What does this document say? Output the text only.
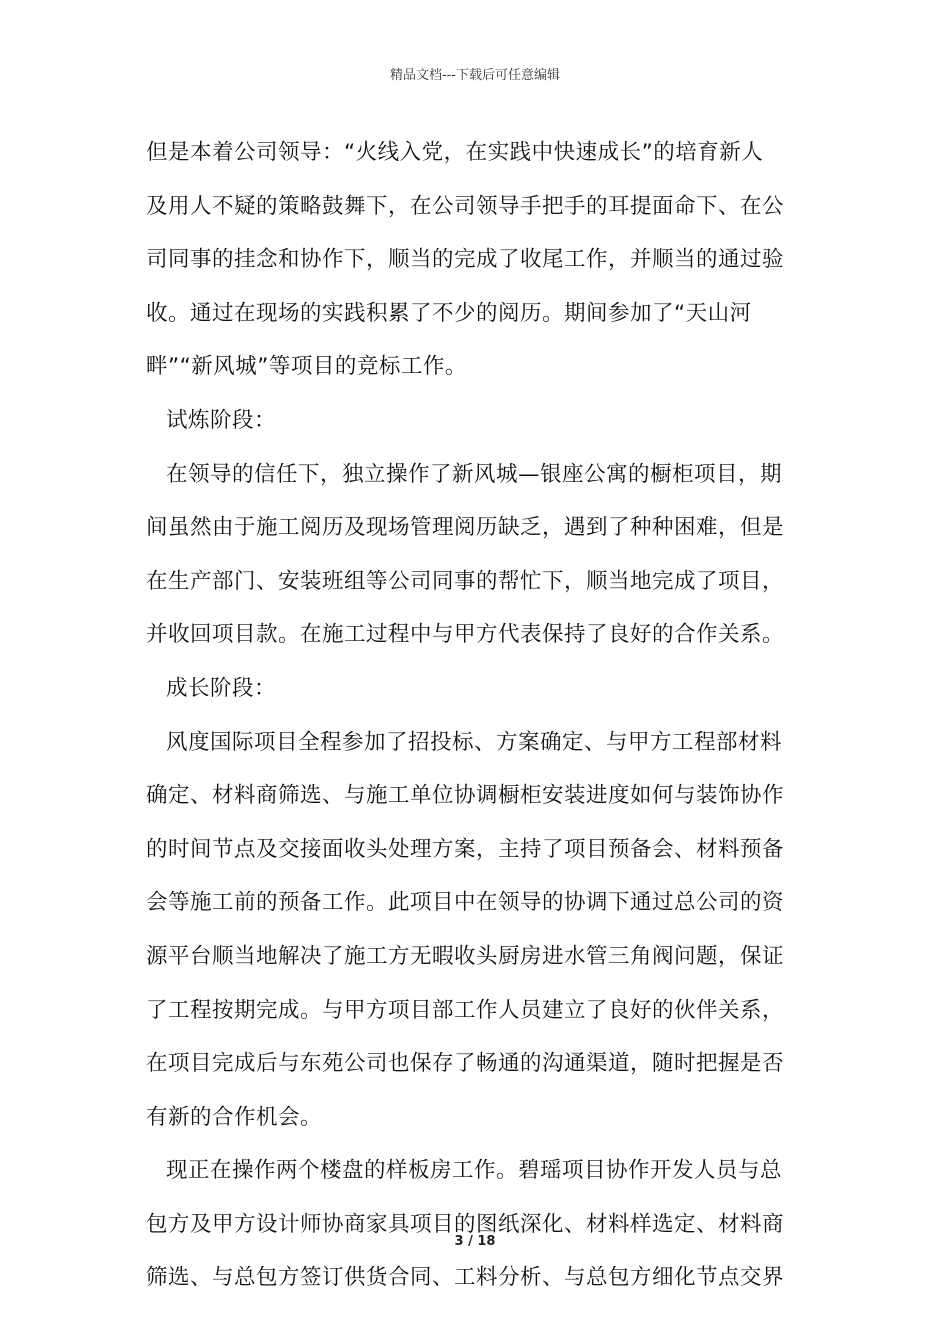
精品文档---下载后可任意编辑
但是本着公司领导：“火线入党，在实践中快速成长”的培育新人
及用人不疑的策略鼓舞下，在公司领导手把手的耳提面命下、在公
司同事的挂念和协作下，顺当的完成了收尾工作，并顺当的通过验
收。通过在现场的实践积累了不少的阅历。期间参加了“天山河
畔”“新风城”等项目的竞标工作。
试炼阶段：
在领导的信任下，独立操作了新风城—银座公寓的橱柜项目，期
间虽然由于施工阅历及现场管理阅历缺乏，遇到了种种困难，但是
在生产部门、安装班组等公司同事的帮忙下，顺当地完成了项目，
并收回项目款。在施工过程中与甲方代表保持了良好的合作关系。
成长阶段：
风度国际项目全程参加了招投标、方案确定、与甲方工程部材料
确定、材料商筛选、与施工单位协调橱柜安装进度如何与装饰协作
的时间节点及交接面收头处理方案，主持了项目预备会、材料预备
会等施工前的预备工作。此项目中在领导的协调下通过总公司的资
源平台顺当地解决了施工方无暇收头厨房进水管三角阀问题，保证
了工程按期完成。与甲方项目部工作人员建立了良好的伙伴关系，
在项目完成后与东苑公司也保存了畅通的沟通渠道，随时把握是否
有新的合作机会。
现正在操作两个楼盘的样板房工作。碧瑶项目协作开发人员与总
包方及甲方设计师协商家具项目的图纸深化、材料样选定、材料商
筛选、与总包方签订供货合同、工料分析、与总包方细化节点交界
3 / 18
